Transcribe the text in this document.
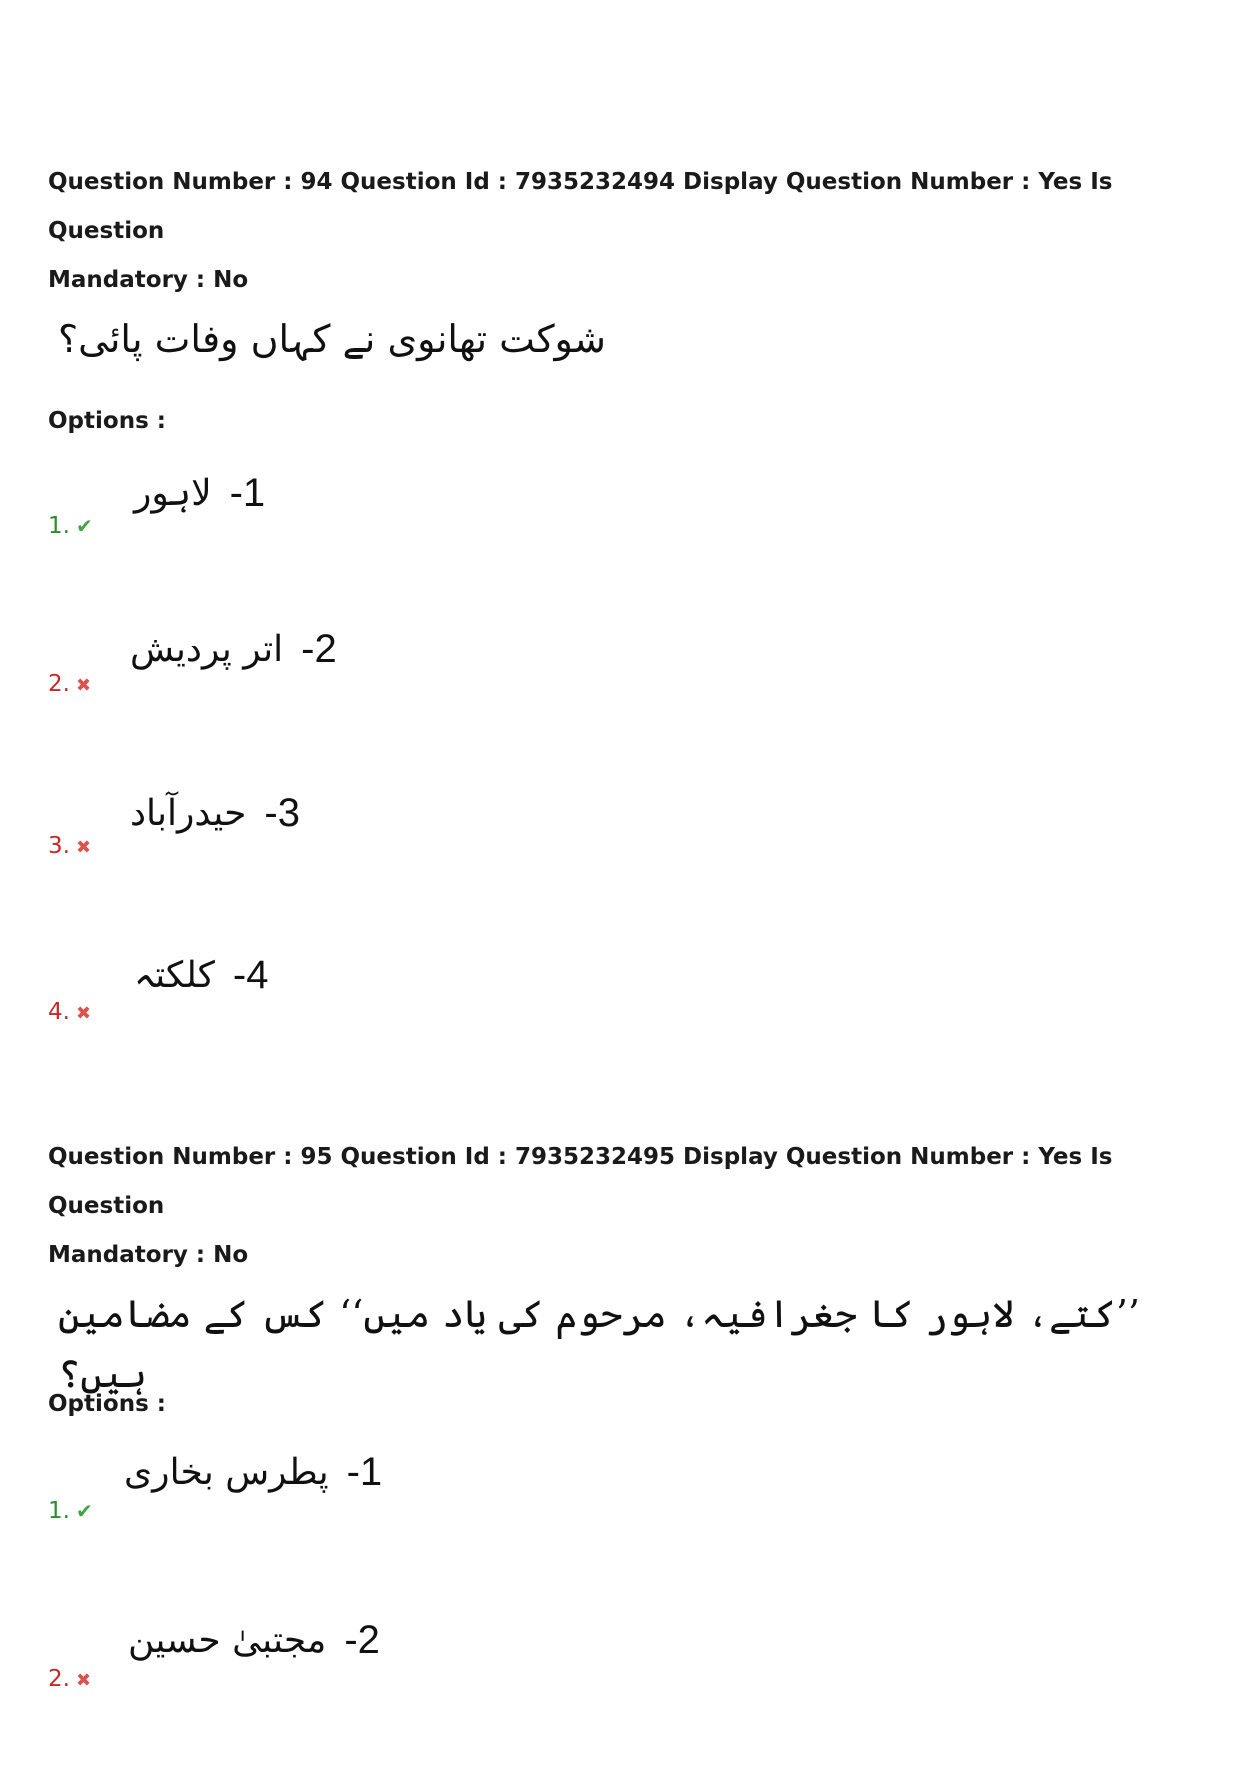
Question Number : 94 Question Id : 7935232494 Display Question Number : Yes Is Question

Mandatory : No

شوکت تھانوی نے کہاں وفات پائی؟

Options :

1. ✔
لاہور -1
2. ✖
اتر پردیش -2
3. ✖
حیدرآباد -3
4. ✖
کلکتہ -4

Question Number : 95 Question Id : 7935232495 Display Question Number : Yes Is Question

Mandatory : No

’’کتے، لاہور کا جغرافیہ، مرحوم کی یاد میں‘‘ کس کے مضامین ہیں؟

Options :

1. ✔
پطرس بخاری -1
2. ✖
مجتبیٰ حسین -2
